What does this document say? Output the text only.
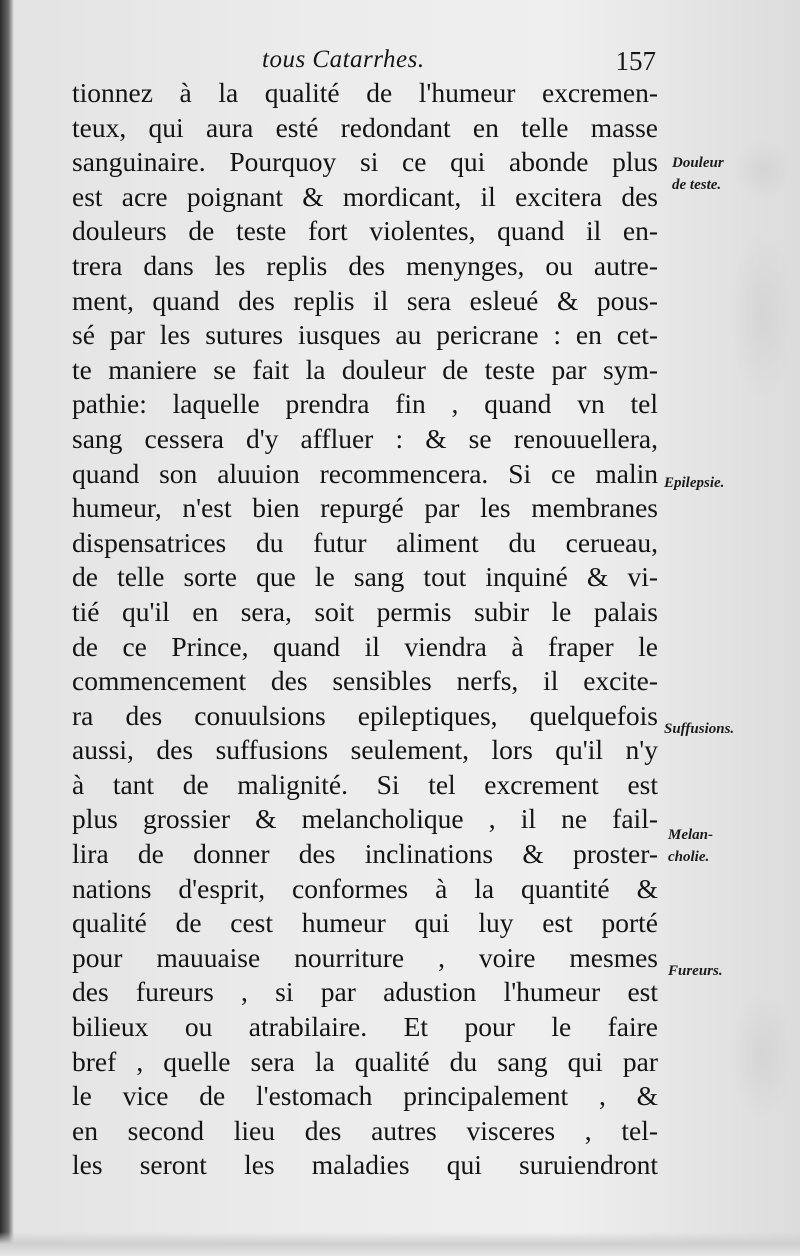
tous Catarrhes.	157
tionnez à la qualité de l'humeur excremen-
teux, qui aura esté redondant en telle masse
sanguinaire. Pourquoy si ce qui abonde plus
est acre poignant & mordicant, il excitera des
douleurs de teste fort violentes, quand il en-
trera dans les replis des menynges, ou autre-
ment, quand des replis il sera esleué & pous-
sé par les sutures iusques au pericrane : en cet-
te maniere se fait la douleur de teste par sym-
pathie: laquelle prendra fin , quand vn tel
sang cessera d'y affluer : & se renouuellera,
quand son aluuion recommencera. Si ce malin
humeur, n'est bien repurgé par les membranes
dispensatrices du futur aliment du cerueau,
de telle sorte que le sang tout inquiné & vi-
tié qu'il en sera, soit permis subir le palais
de ce Prince, quand il viendra à fraper le
commencement des sensibles nerfs, il excite-
ra des conuulsions epileptiques, quelquefois
aussi, des suffusions seulement, lors qu'il n'y
à tant de malignité. Si tel excrement est
plus grossier & melancholique , il ne fail-
lira de donner des inclinations & proster-
nations d'esprit, conformes à la quantité &
qualité de cest humeur qui luy est porté
pour mauuaise nourriture , voire mesmes
des fureurs , si par adustion l'humeur est
bilieux ou atrabilaire. Et pour le faire
bref , quelle sera la qualité du sang qui par
le vice de l'estomach principalement , &
en second lieu des autres visceres , tel-
les seront les maladies qui suruiendront
Douleur
de teste.
Epilepsie.
Suffusions.
Melan-
cholie.
Fureurs.
